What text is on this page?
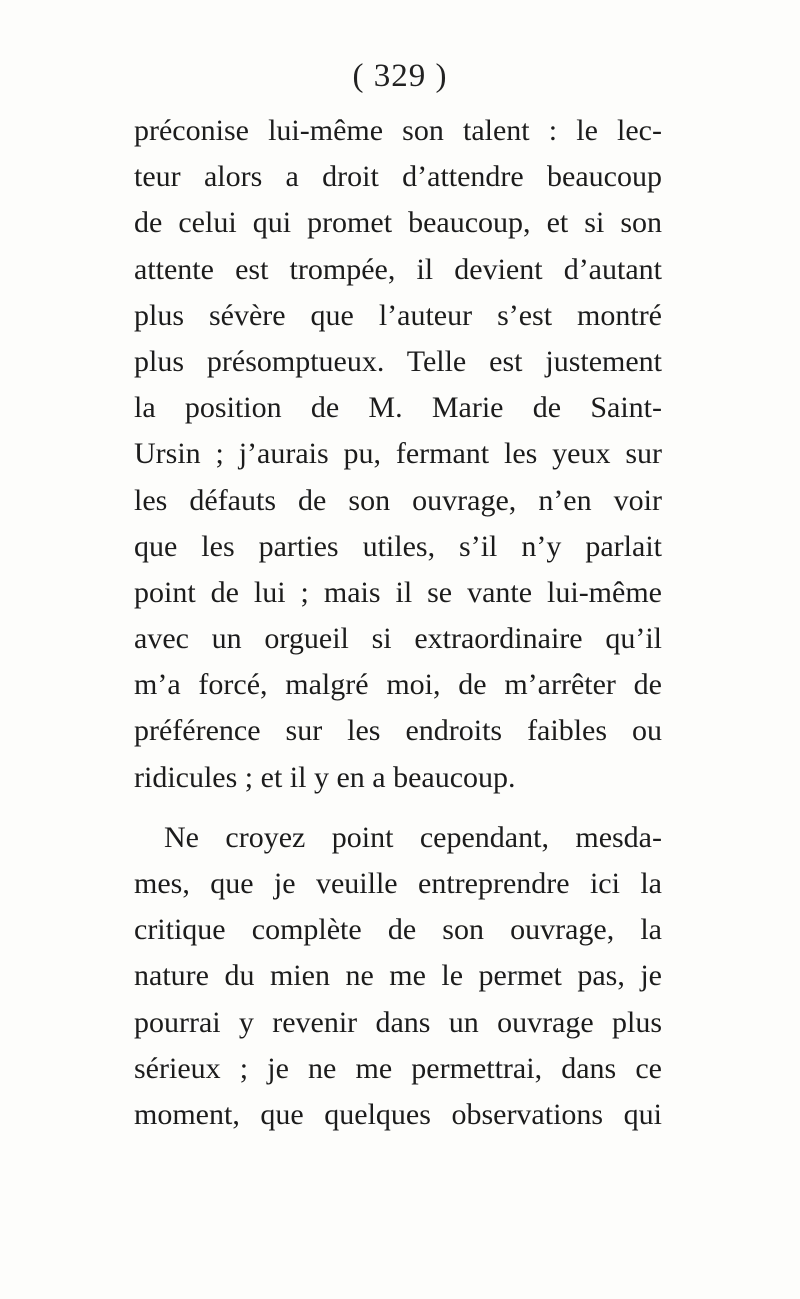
( 329 )
préconise lui-même son talent : le lec-
teur alors a droit d’attendre beaucoup
de celui qui promet beaucoup, et si son
attente est trompée, il devient d’autant
plus sévère que l’auteur s’est montré
plus présomptueux. Telle est justement
la position de M. Marie de Saint-
Ursin ; j’aurais pu, fermant les yeux sur
les défauts de son ouvrage, n’en voir
que les parties utiles, s’il n’y parlait
point de lui ; mais il se vante lui-même
avec un orgueil si extraordinaire qu’il
m’a forcé, malgré moi, de m’arrêter de
préférence sur les endroits faibles ou
ridicules ; et il y en a beaucoup.
Ne croyez point cependant, mesda-
mes, que je veuille entreprendre ici la
critique complète de son ouvrage, la
nature du mien ne me le permet pas, je
pourrai y revenir dans un ouvrage plus
sérieux ; je ne me permettrai, dans ce
moment, que quelques observations qui
